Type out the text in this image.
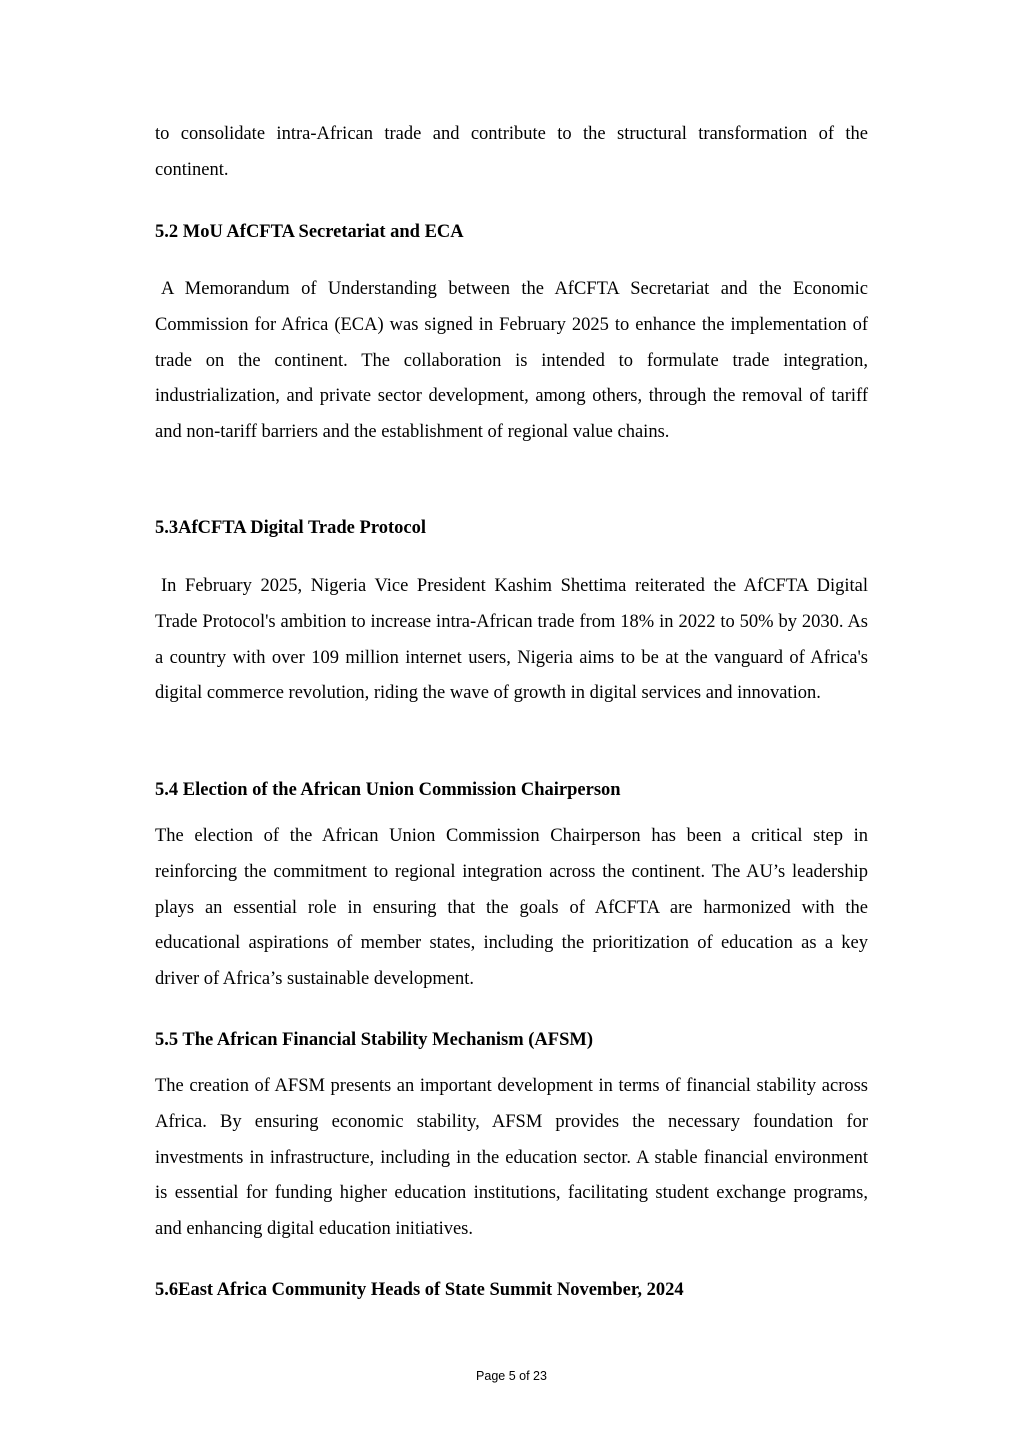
to consolidate intra-African trade and contribute to the structural transformation of the continent.

5.2 MoU AfCFTA Secretariat and ECA

A Memorandum of Understanding between the AfCFTA Secretariat and the Economic Commission for Africa (ECA) was signed in February 2025 to enhance the implementation of trade on the continent. The collaboration is intended to formulate trade integration, industrialization, and private sector development, among others, through the removal of tariff and non-tariff barriers and the establishment of regional value chains.

5.3AfCFTA Digital Trade Protocol

In February 2025, Nigeria Vice President Kashim Shettima reiterated the AfCFTA Digital Trade Protocol's ambition to increase intra-African trade from 18% in 2022 to 50% by 2030. As a country with over 109 million internet users, Nigeria aims to be at the vanguard of Africa's digital commerce revolution, riding the wave of growth in digital services and innovation.

5.4 Election of the African Union Commission Chairperson

The election of the African Union Commission Chairperson has been a critical step in reinforcing the commitment to regional integration across the continent. The AU’s leadership plays an essential role in ensuring that the goals of AfCFTA are harmonized with the educational aspirations of member states, including the prioritization of education as a key driver of Africa’s sustainable development.

5.5 The African Financial Stability Mechanism (AFSM)

The creation of AFSM presents an important development in terms of financial stability across Africa. By ensuring economic stability, AFSM provides the necessary foundation for investments in infrastructure, including in the education sector. A stable financial environment is essential for funding higher education institutions, facilitating student exchange programs, and enhancing digital education initiatives.

5.6East Africa Community Heads of State Summit November, 2024
Page 5 of 23
